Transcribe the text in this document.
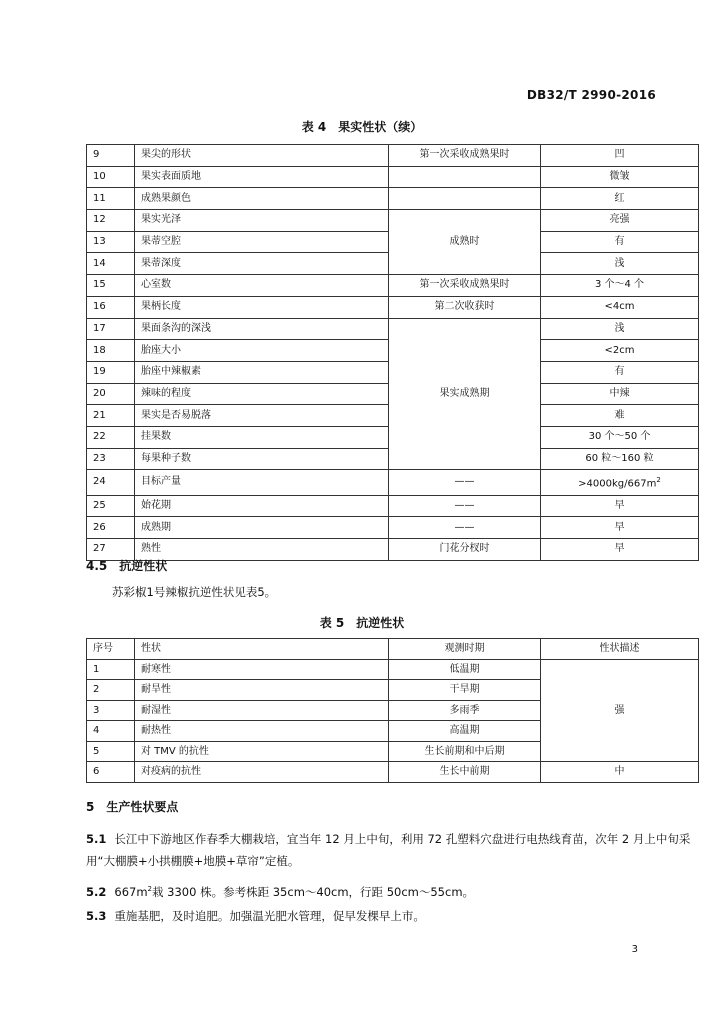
DB32/T 2990-2016
表 4　果实性状（续）
9	果尖的形状	第一次采收成熟果时	凹
10	果实表面质地		微皱
11	成熟果颜色		红
12	果实光泽	成熟时	亮强
13	果蒂空腔		有
14	果蒂深度		浅
15	心室数	第一次采收成熟果时	3 个～4 个
16	果柄长度	第二次收获时	<4cm
17	果面条沟的深浅	果实成熟期	浅
18	胎座大小		<2cm
19	胎座中辣椒素		有
20	辣味的程度		中辣
21	果实是否易脱落		难
22	挂果数		30 个～50 个
23	每果种子数		60 粒～160 粒
24	目标产量	——	$>4000kg/667m^2$
25	始花期	——	早
26	成熟期	——	早
27	熟性	门花分杈时	早
4.5　抗逆性状
苏彩椒1号辣椒抗逆性状见表5。
表 5　抗逆性状
序号	性状	观测时期	性状描述
1	耐寒性	低温期	强
2	耐旱性	干旱期	
3	耐湿性	多雨季	
4	耐热性	高温期	
5	对 TMV 的抗性	生长前期和中后期	
6	对疫病的抗性	生长中前期	中
5　生产性状要点
5.1 长江中下游地区作春季大棚栽培，宜当年 12 月上中旬，利用 72 孔塑料穴盘进行电热线育苗，次年 2 月上中旬采用“大棚膜+小拱棚膜+地膜+草帘”定植。
5.2 $667m^2$栽 3300 株。参考株距 35cm～40cm，行距 50cm～55cm。
5.3 重施基肥，及时追肥。加强温光肥水管理，促早发棵早上市。
3
